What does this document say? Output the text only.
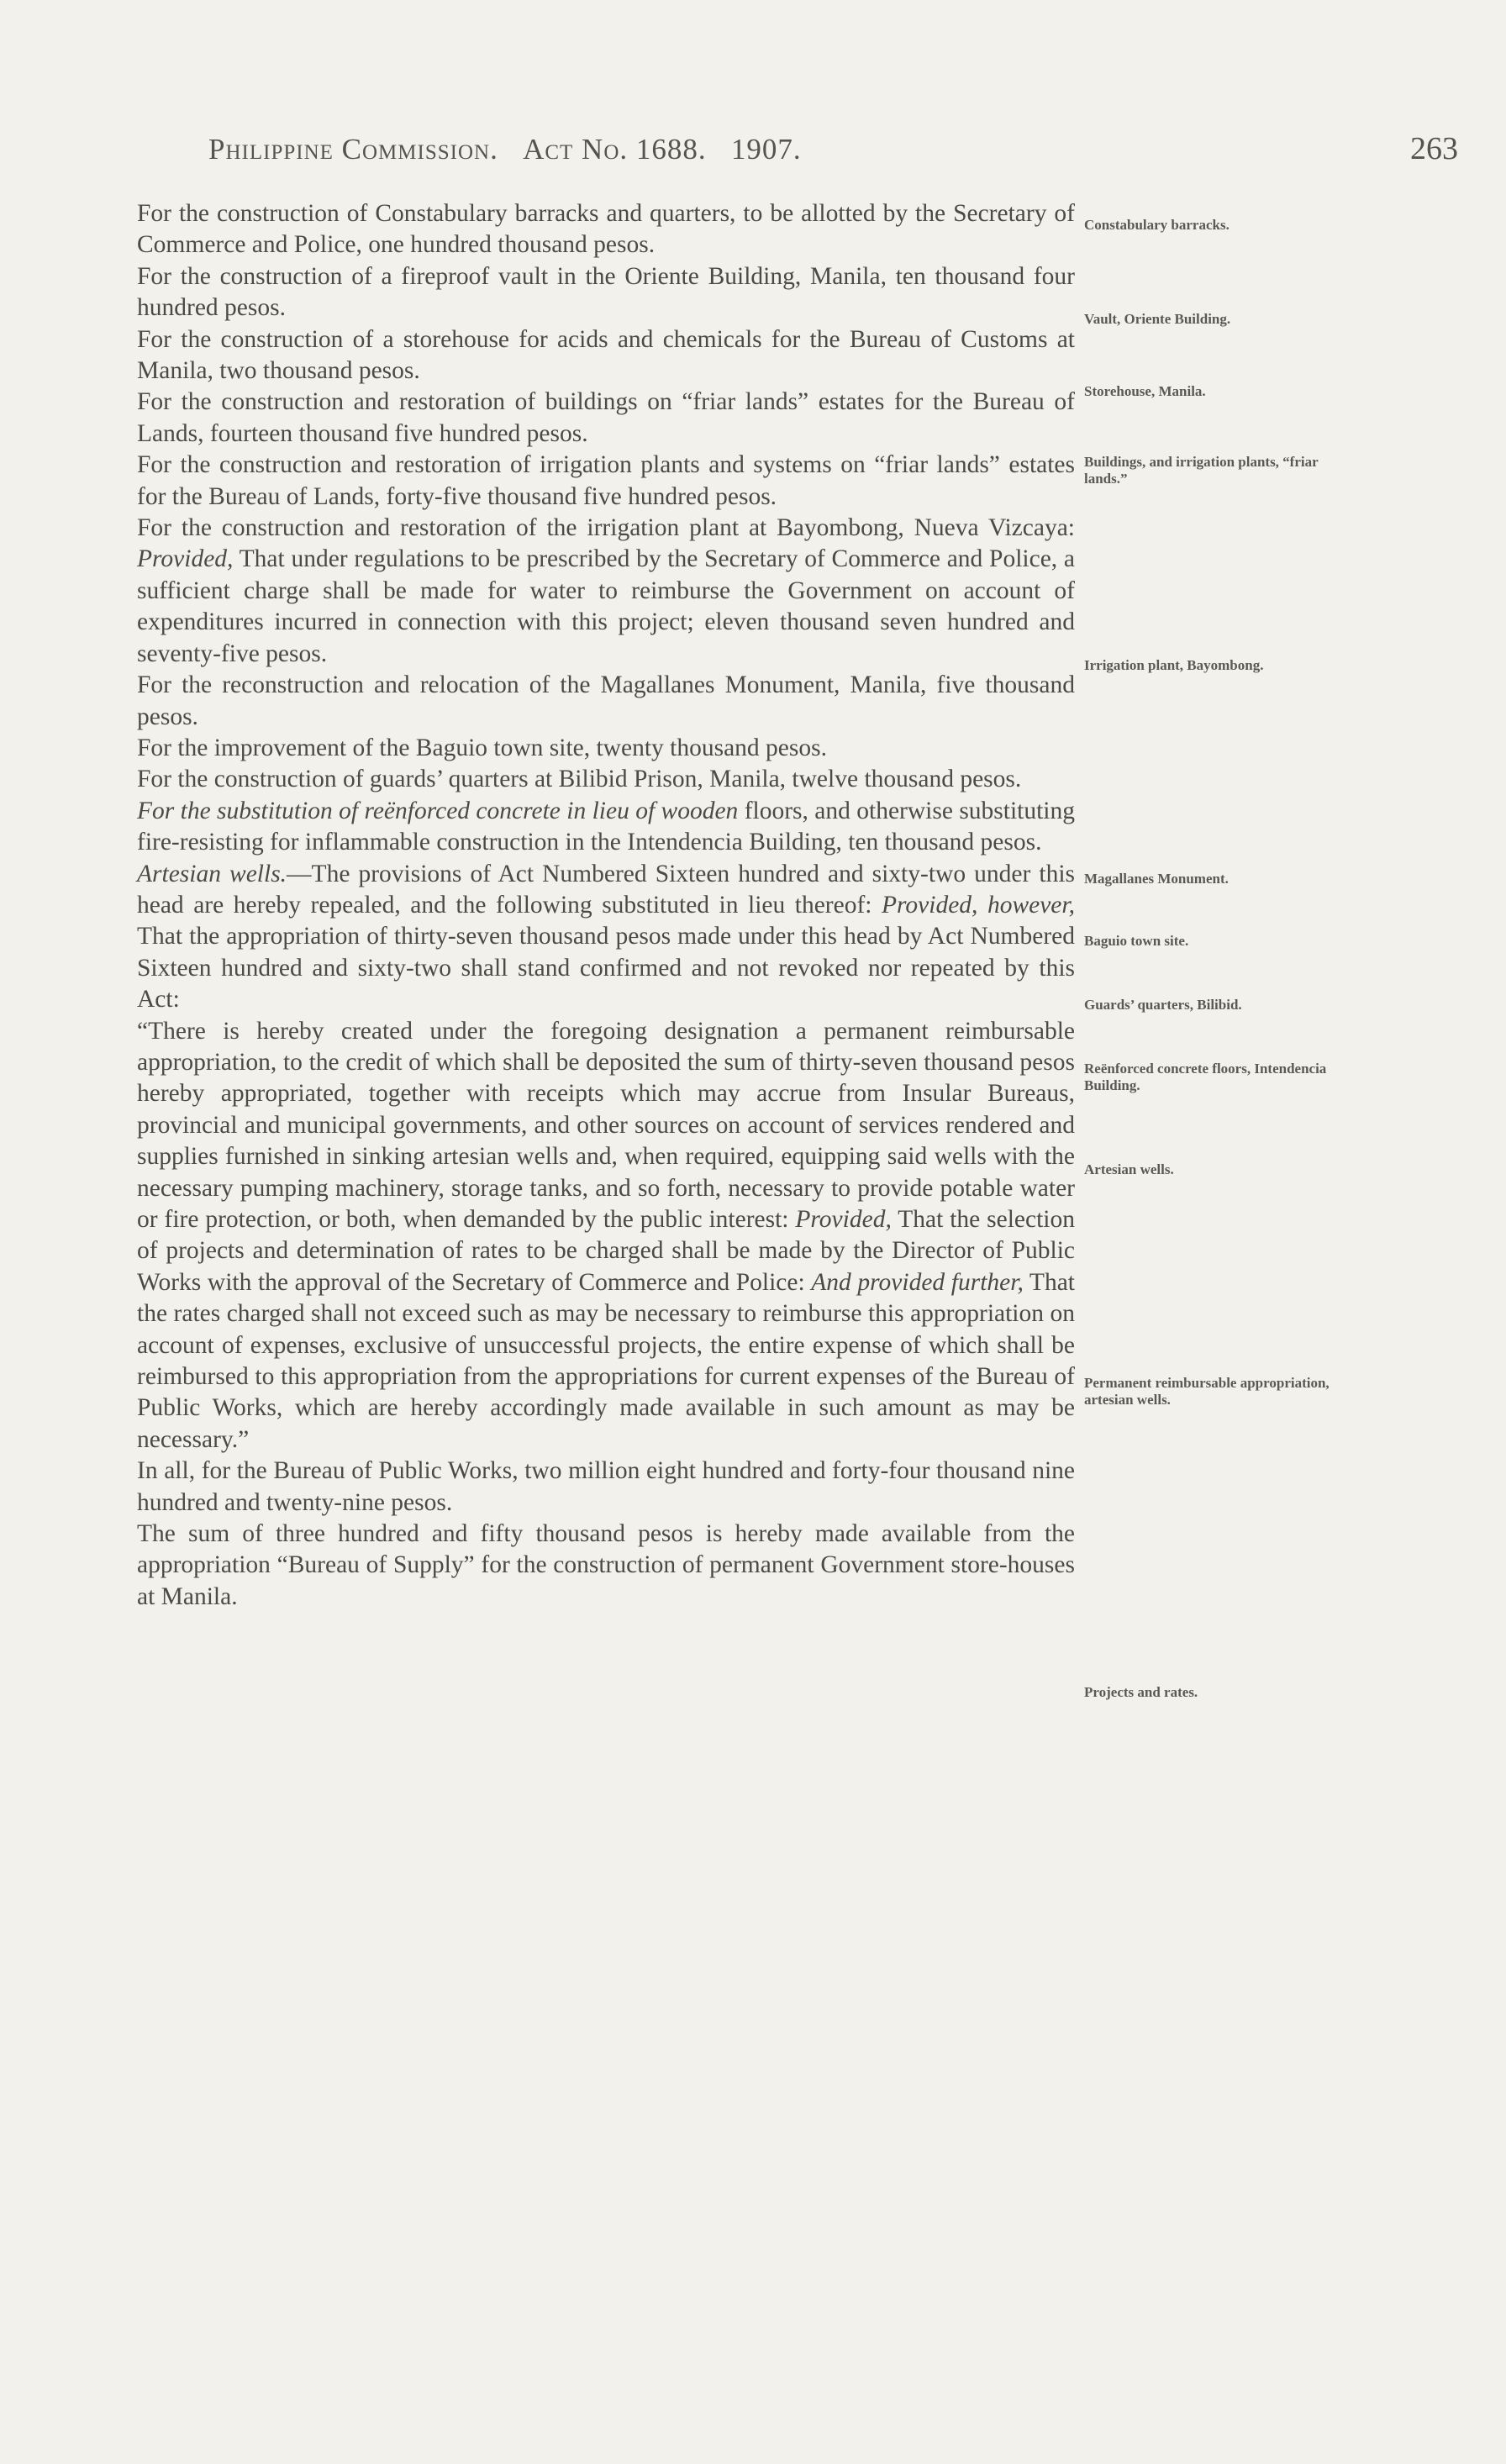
Philippine Commission. Act No. 1688. 1907.	263

For the construction of Constabulary barracks and quarters, to be allotted by the Secretary of Commerce and Police, one hundred thousand pesos.

For the construction of a fireproof vault in the Oriente Building, Manila, ten thousand four hundred pesos.

For the construction of a storehouse for acids and chemicals for the Bureau of Customs at Manila, two thousand pesos.

For the construction and restoration of buildings on “friar lands” estates for the Bureau of Lands, fourteen thousand five hundred pesos.

For the construction and restoration of irrigation plants and systems on “friar lands” estates for the Bureau of Lands, forty-five thousand five hundred pesos.

For the construction and restoration of the irrigation plant at Bayombong, Nueva Vizcaya: Provided, That under regulations to be prescribed by the Secretary of Commerce and Police, a sufficient charge shall be made for water to reimburse the Government on account of expenditures incurred in connection with this project; eleven thousand seven hundred and seventy-five pesos.

For the reconstruction and relocation of the Magallanes Monument, Manila, five thousand pesos.

For the improvement of the Baguio town site, twenty thousand pesos.

For the construction of guards’ quarters at Bilibid Prison, Manila, twelve thousand pesos.

For the substitution of reënforced concrete in lieu of wooden floors, and otherwise substituting fire-resisting for inflammable construction in the Intendencia Building, ten thousand pesos.

Artesian wells.—The provisions of Act Numbered Sixteen hundred and sixty-two under this head are hereby repealed, and the following substituted in lieu thereof: Provided, however, That the appropriation of thirty-seven thousand pesos made under this head by Act Numbered Sixteen hundred and sixty-two shall stand confirmed and not revoked nor repeated by this Act:

“There is hereby created under the foregoing designation a permanent reimbursable appropriation, to the credit of which shall be deposited the sum of thirty-seven thousand pesos hereby appropriated, together with receipts which may accrue from Insular Bureaus, provincial and municipal governments, and other sources on account of services rendered and supplies furnished in sinking artesian wells and, when required, equipping said wells with the necessary pumping machinery, storage tanks, and so forth, necessary to provide potable water or fire protection, or both, when demanded by the public interest: Provided, That the selection of projects and determination of rates to be charged shall be made by the Director of Public Works with the approval of the Secretary of Commerce and Police: And provided further, That the rates charged shall not exceed such as may be necessary to reimburse this appropriation on account of expenses, exclusive of unsuccessful projects, the entire expense of which shall be reimbursed to this appropriation from the appropriations for current expenses of the Bureau of Public Works, which are hereby accordingly made available in such amount as may be necessary.”

In all, for the Bureau of Public Works, two million eight hundred and forty-four thousand nine hundred and twenty-nine pesos.

The sum of three hundred and fifty thousand pesos is hereby made available from the appropriation “Bureau of Supply” for the construction of permanent Government store-houses at Manila.

Constabulary barracks.
Vault, Oriente Building.
Storehouse, Manila.
Buildings, and irrigation plants, “friar lands.”
Irrigation plant, Bayombong.
Magallanes Monument.
Baguio town site.
Guards’ quarters, Bilibid.
Reënforced concrete floors, Intendencia Building.
Artesian wells.
Permanent reimbursable appropriation, artesian wells.
Projects and rates.
